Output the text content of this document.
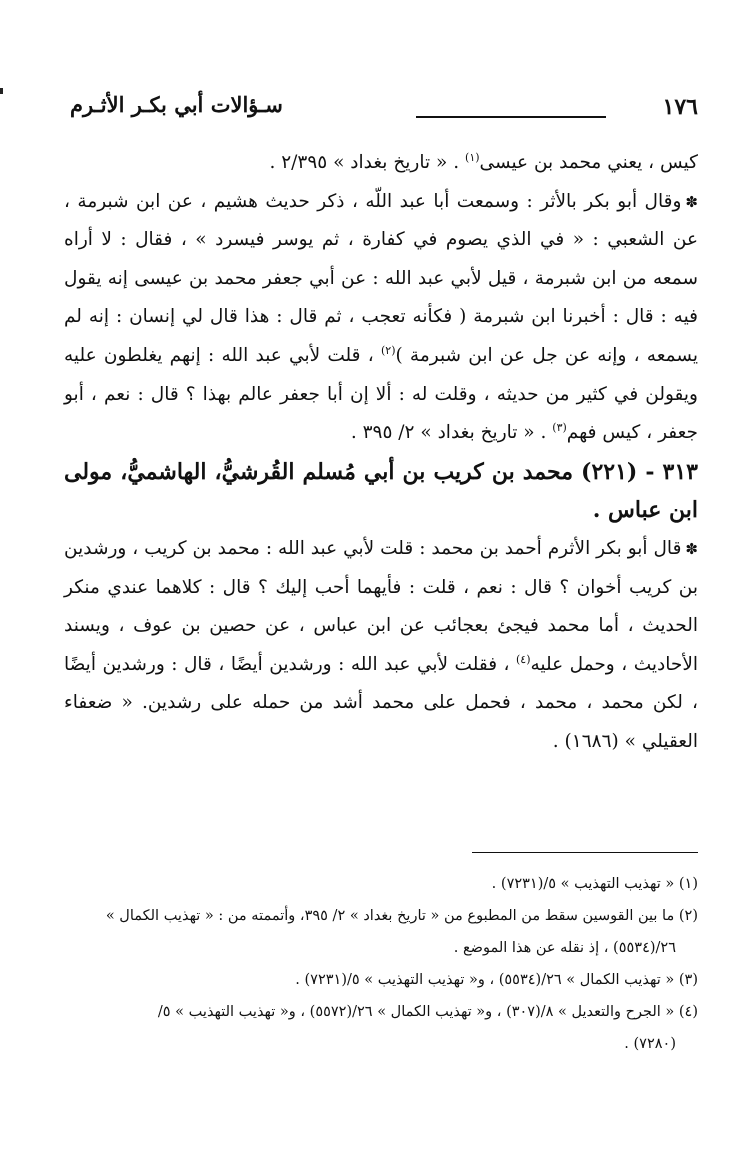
١٧٦
سـؤالات أبي بكـر الأثـرم

كيس ، يعني محمد بن عيسى$^{(١)}$ . « تاريخ بغداد » ٢/٣٩٥ .

✽وقال أبو بكر بالأثر : وسمعت أبا عبد اللّه ، ذكر حديث هشيم ، عن ابن شبرمة ، عن الشعبي : « في الذي يصوم في كفارة ، ثم يوسر فيسرد » ، فقال : لا أراه سمعه من ابن شبرمة ، قيل لأبي عبد الله : عن أبي جعفر محمد بن عيسى إنه يقول فيه : قال : أخبرنا ابن شبرمة ( فكأنه تعجب ، ثم قال : هذا قال لي إنسان : إنه لم يسمعه ، وإنه عن جل عن ابن شبرمة )$^{(٢)}$ ، قلت لأبي عبد الله : إنهم يغلطون عليه ويقولن في كثير من حديثه ، وقلت له : ألا إن أبا جعفر عالم بهذا ؟ قال : نعم ، أبو جعفر ، كيس فهم$^{(٣)}$ . « تاريخ بغداد » ٢/ ٣٩٥ .

٣١٣ - (٢٢١) محمد بن كريب بن أبي مُسلم القُرشيُّ، الهاشميُّ، مولى ابن عباس .

✽قال أبو بكر الأثرم أحمد بن محمد : قلت لأبي عبد الله : محمد بن كريب ، ورشدين بن كريب أخوان ؟ قال : نعم ، قلت : فأيهما أحب إليك ؟ قال : كلاهما عندي منكر الحديث ، أما محمد فيجئ بعجائب عن ابن عباس ، عن حصين بن عوف ، ويسند الأحاديث ، وحمل عليه$^{(٤)}$ ، فقلت لأبي عبد الله : ورشدين أيضًا ، قال : ورشدين أيضًا ، لكن محمد ، محمد ، فحمل على محمد أشد من حمله على رشدين. « ضعفاء العقيلي » (١٦٨٦) .

(١) « تهذيب التهذيب » ٥/(٧٢٣١) .

(٢) ما بين القوسين سقط من المطبوع من « تاريخ بغداد » ٢/ ٣٩٥، وأتممته من : « تهذيب الكمال »

٢٦/(٥٥٣٤) ، إذ نقله عن هذا الموضع .

(٣) « تهذيب الكمال » ٢٦/(٥٥٣٤) ، و« تهذيب التهذيب » ٥/(٧٢٣١) .

(٤) « الجرح والتعديل » ٨/(٣٠٧) ، و« تهذيب الكمال » ٢٦/(٥٥٧٢) ، و« تهذيب التهذيب » ٥/

(٧٢٨٠) .
